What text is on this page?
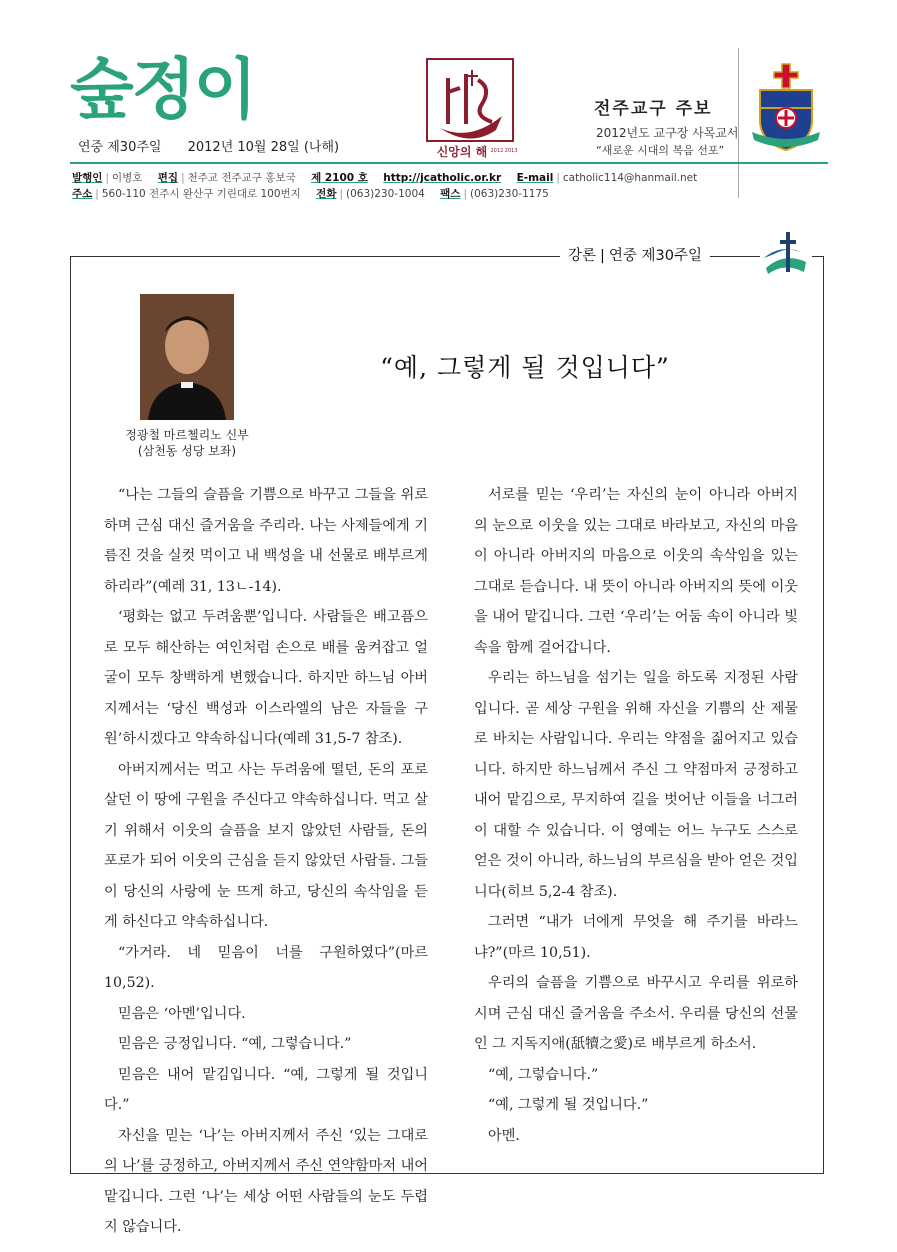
숲정이
연중 제30주일 2012년 10월 28일 (나해)	신앙의 해 2012 2013
전주교구 주보
2012년도 교구장 사목교서
“새로운 시대의 복음 선포”
발행인 | 이병호 편집 | 천주교 전주교구 홍보국 제 2100 호 http://jcatholic.or.kr E-mail | catholic114@hanmail.net
주소 | 560-110 전주시 완산구 기린대로 100번지 전화 | (063)230-1004 팩스 | (063)230-1175
강론 | 연중 제30주일
정광철 마르첼리노 신부
(삼천동 성당 보좌)
“예, 그렇게 될 것입니다”

“나는 그들의 슬픔을 기쁨으로 바꾸고 그들을 위로하며 근심 대신 즐거움을 주리라. 나는 사제들에게 기름진 것을 실컷 먹이고 내 백성을 내 선물로 배부르게 하리라”(예레 31, 13ㄴ-14).

‘평화는 없고 두려움뿐’입니다. 사람들은 배고픔으로 모두 해산하는 여인처럼 손으로 배를 움켜잡고 얼굴이 모두 창백하게 변했습니다. 하지만 하느님 아버지께서는 ‘당신 백성과 이스라엘의 남은 자들을 구원’하시겠다고 약속하십니다(예레 31,5-7 참조).

아버지께서는 먹고 사는 두려움에 떨던, 돈의 포로 살던 이 땅에 구원을 주신다고 약속하십니다. 먹고 살기 위해서 이웃의 슬픔을 보지 않았던 사람들, 돈의 포로가 되어 이웃의 근심을 듣지 않았던 사람들. 그들이 당신의 사랑에 눈 뜨게 하고, 당신의 속삭임을 듣게 하신다고 약속하십니다.

“가거라. 네 믿음이 너를 구원하였다”(마르 10,52).

믿음은 ‘아멘’입니다.

믿음은 긍정입니다. “예, 그렇습니다.”

믿음은 내어 맡김입니다. “예, 그렇게 될 것입니다.”

자신을 믿는 ‘나’는 아버지께서 주신 ‘있는 그대로의 나’를 긍정하고, 아버지께서 주신 연약함마저 내어 맡깁니다. 그런 ‘나’는 세상 어떤 사람들의 눈도 두렵지 않습니다.

서로를 믿는 ‘우리’는 자신의 눈이 아니라 아버지의 눈으로 이웃을 있는 그대로 바라보고, 자신의 마음이 아니라 아버지의 마음으로 이웃의 속삭임을 있는 그대로 듣습니다. 내 뜻이 아니라 아버지의 뜻에 이웃을 내어 맡깁니다. 그런 ‘우리’는 어둠 속이 아니라 빛 속을 함께 걸어갑니다.

우리는 하느님을 섬기는 일을 하도록 지정된 사람입니다. 곧 세상 구원을 위해 자신을 기쁨의 산 제물로 바치는 사람입니다. 우리는 약점을 짊어지고 있습니다. 하지만 하느님께서 주신 그 약점마저 긍정하고 내어 맡김으로, 무지하여 길을 벗어난 이들을 너그러이 대할 수 있습니다. 이 영예는 어느 누구도 스스로 얻은 것이 아니라, 하느님의 부르심을 받아 얻은 것입니다(히브 5,2-4 참조).

그러면 “내가 너에게 무엇을 해 주기를 바라느냐?”(마르 10,51).

우리의 슬픔을 기쁨으로 바꾸시고 우리를 위로하시며 근심 대신 즐거움을 주소서. 우리를 당신의 선물인 그 지독지애(舐犢之愛)로 배부르게 하소서.

“예, 그렇습니다.”

“예, 그렇게 될 것입니다.”

아멘.
